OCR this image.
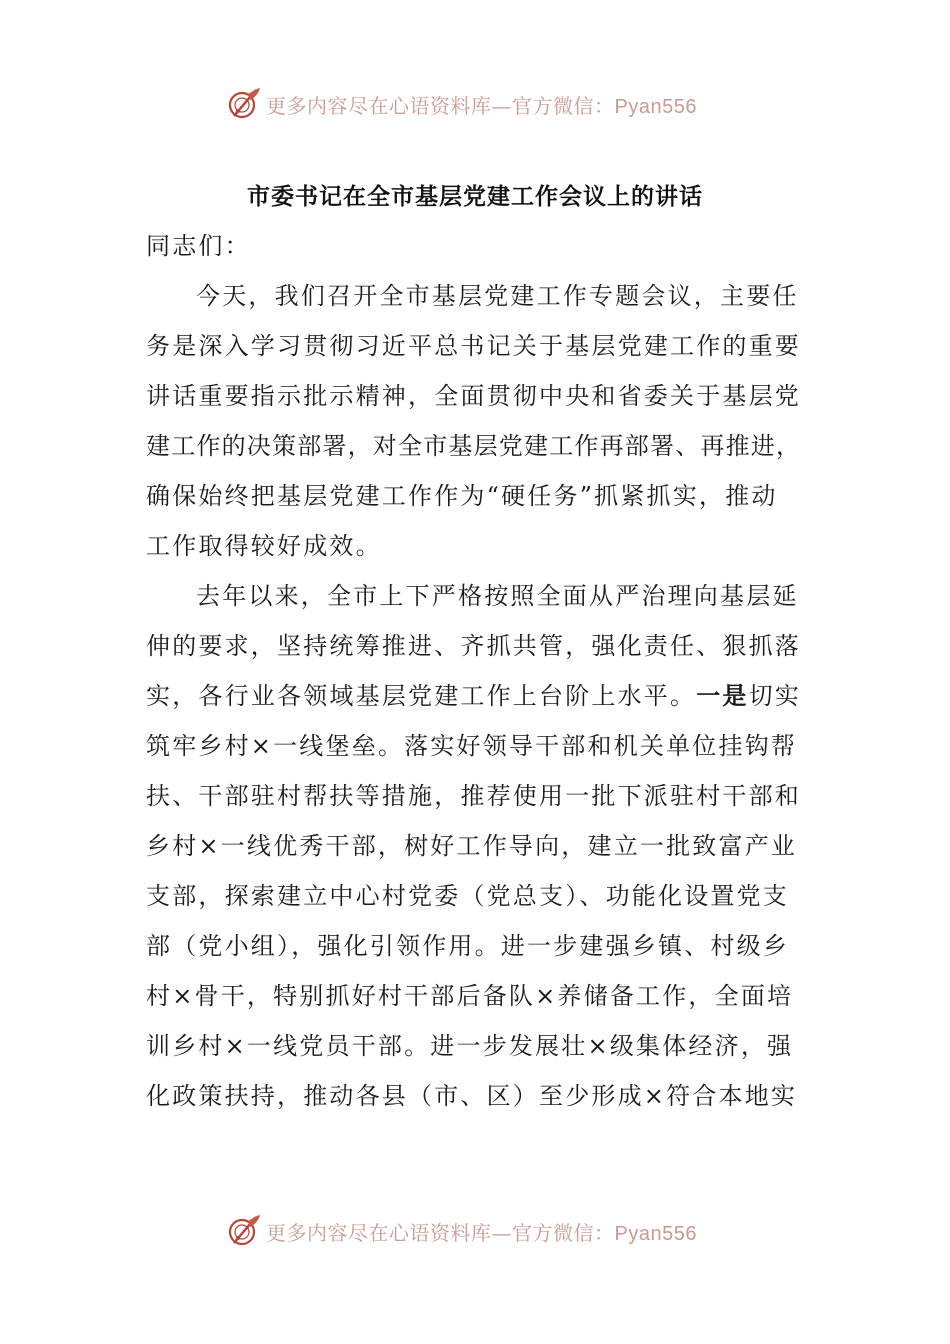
更多内容尽在心语资料库—官方微信：Pyan556
市委书记在全市基层党建工作会议上的讲话

同志们：

今天，我们召开全市基层党建工作专题会议，主要任

务是深入学习贯彻习近平总书记关于基层党建工作的重要

讲话重要指示批示精神，全面贯彻中央和省委关于基层党

建工作的决策部署，对全市基层党建工作再部署、再推进，

确保始终把基层党建工作作为“硬任务”抓紧抓实，推动

工作取得较好成效。

去年以来，全市上下严格按照全面从严治理向基层延

伸的要求，坚持统筹推进、齐抓共管，强化责任、狠抓落

实，各行业各领域基层党建工作上台阶上水平。一是切实

筑牢乡村×一线堡垒。落实好领导干部和机关单位挂钩帮

扶、干部驻村帮扶等措施，推荐使用一批下派驻村干部和

乡村×一线优秀干部，树好工作导向，建立一批致富产业

支部，探索建立中心村党委（党总支）、功能化设置党支

部（党小组），强化引领作用。进一步建强乡镇、村级乡

村×骨干，特别抓好村干部后备队×养储备工作，全面培

训乡村×一线党员干部。进一步发展壮×级集体经济，强

化政策扶持，推动各县（市、区）至少形成×符合本地实

更多内容尽在心语资料库—官方微信：Pyan556
